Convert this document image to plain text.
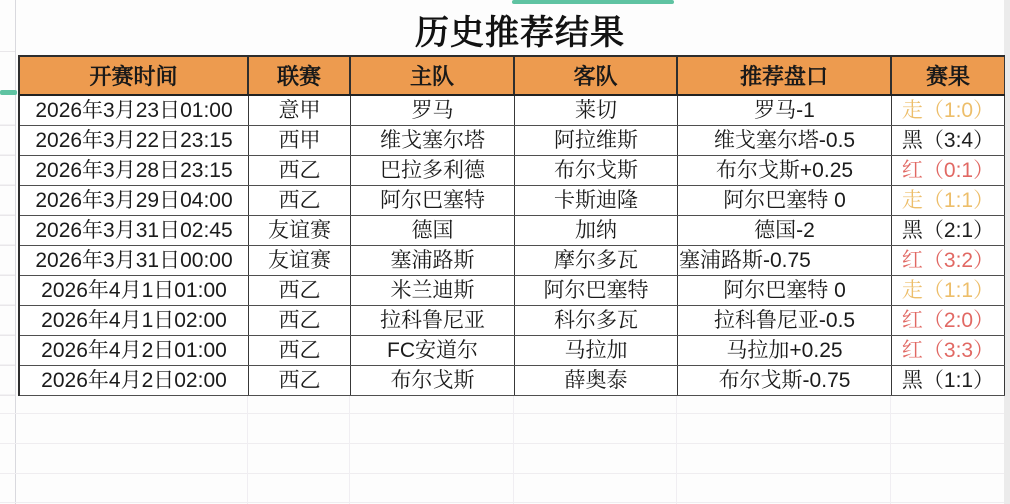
历史推荐结果
开赛时间	联赛	主队	客队	推荐盘口	赛果
2026年3月23日01:00	意甲	罗马	莱切	罗马-1	走（1:0）
2026年3月22日23:15	西甲	维戈塞尔塔	阿拉维斯	维戈塞尔塔-0.5	黑（3:4）
2026年3月28日23:15	西乙	巴拉多利德	布尔戈斯	布尔戈斯+0.25	红（0:1）
2026年3月29日04:00	西乙	阿尔巴塞特	卡斯迪隆	阿尔巴塞特 0	走（1:1）
2026年3月31日02:45	友谊赛	德国	加纳	德国-2	黑（2:1）
2026年3月31日00:00	友谊赛	塞浦路斯	摩尔多瓦	塞浦路斯-0.75	红（3:2）
2026年4月1日01:00	西乙	米兰迪斯	阿尔巴塞特	阿尔巴塞特 0	走（1:1）
2026年4月1日02:00	西乙	拉科鲁尼亚	科尔多瓦	拉科鲁尼亚-0.5	红（2:0）
2026年4月2日01:00	西乙	FC安道尔	马拉加	马拉加+0.25	红（3:3）
2026年4月2日02:00	西乙	布尔戈斯	薛奥泰	布尔戈斯-0.75	黑（1:1）
